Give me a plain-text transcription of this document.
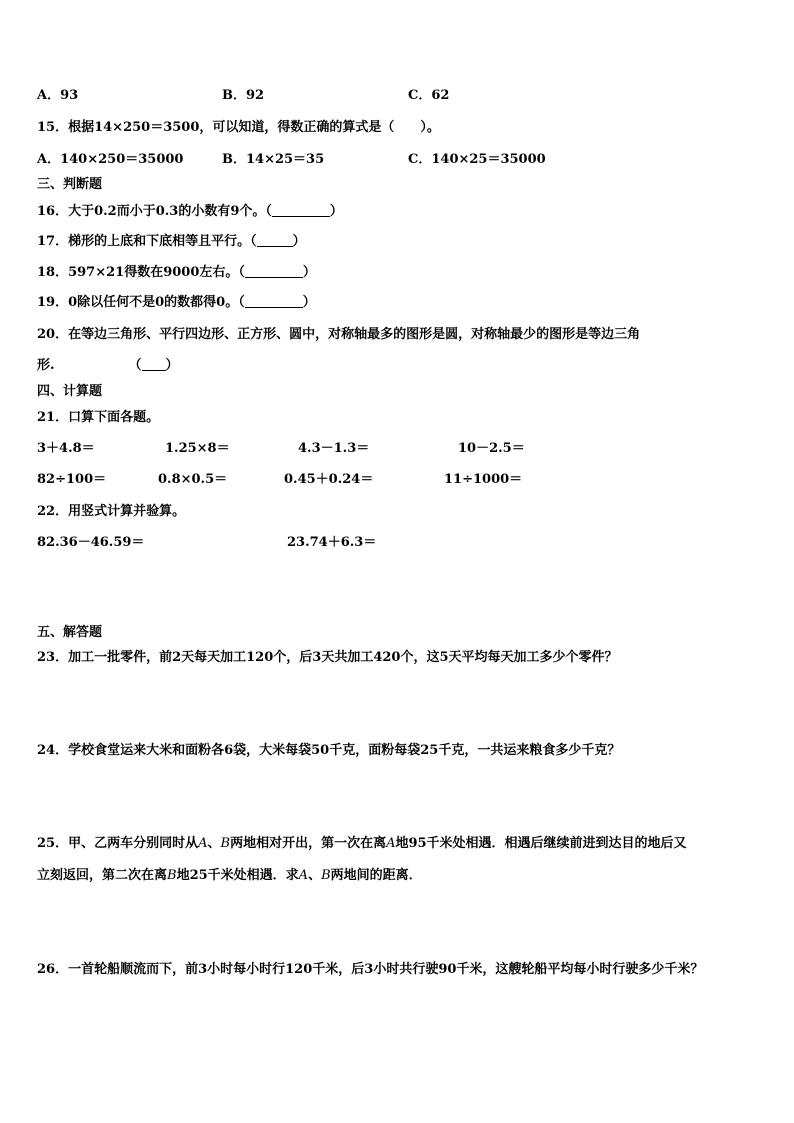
A．93	B．92	C．62
15．根据14×250＝3500，可以知道，得数正确的算式是（　　）。
A．140×250＝35000	B．14×25＝35	C．140×25＝35000
三、判断题
16．大于0.2而小于0.3的小数有9个。（	）
17．梯形的上底和下底相等且平行。（	）
18．597×21得数在9000左右。（	）
19．0除以任何不是0的数都得0。（	）
20．在等边三角形、平行四边形、正方形、圆中，对称轴最多的图形是圆，对称轴最少的图形是等边三角
形.	（ ）
四、计算题
21．口算下面各题。
3＋4.8＝	1.25×8＝	4.3－1.3＝	10－2.5＝
82÷100＝	0.8×0.5＝	0.45＋0.24＝	11÷1000＝
22．用竖式计算并验算。
82.36－46.59＝	23.74＋6.3＝
五、解答题
23．加工一批零件，前2天每天加工120个，后3天共加工420个，这5天平均每天加工多少个零件？
24．学校食堂运来大米和面粉各6袋，大米每袋50千克，面粉每袋25千克，一共运来粮食多少千克？
25．甲、乙两车分别同时从A、B两地相对开出，第一次在离A地95千米处相遇．相遇后继续前进到达目的地后又
立刻返回，第二次在离B地25千米处相遇．求A、B两地间的距离．
26．一首轮船顺流而下，前3小时每小时行120千米，后3小时共行驶90千米，这艘轮船平均每小时行驶多少千米？
